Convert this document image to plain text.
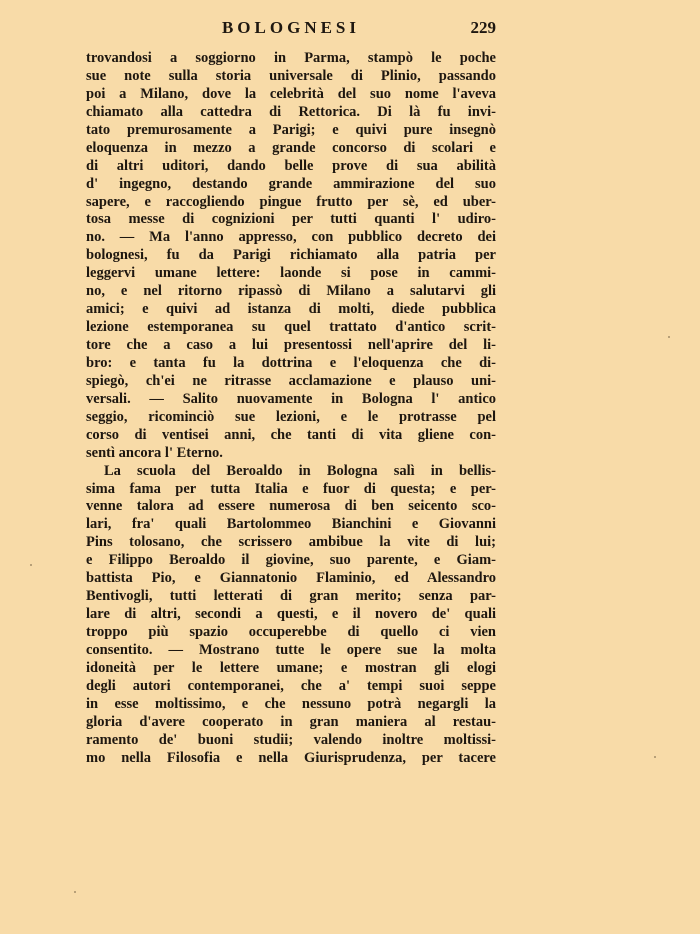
BOLOGNESI	229
trovandosi a soggiorno in Parma, stampò le poche
sue note sulla storia universale di Plinio, passando
poi a Milano, dove la celebrità del suo nome l'aveva
chiamato alla cattedra di Rettorica. Di là fu invi-
tato premurosamente a Parigi; e quivi pure insegnò
eloquenza in mezzo a grande concorso di scolari e
di altri uditori, dando belle prove di sua abilità
d' ingegno, destando grande ammirazione del suo
sapere, e raccogliendo pingue frutto per sè, ed uber-
tosa messe di cognizioni per tutti quanti l' udiro-
no. — Ma l'anno appresso, con pubblico decreto dei
bolognesi, fu da Parigi richiamato alla patria per
leggervi umane lettere: laonde si pose in cammi-
no, e nel ritorno ripassò di Milano a salutarvi gli
amici; e quivi ad istanza di molti, diede pubblica
lezione estemporanea su quel trattato d'antico scrit-
tore che a caso a lui presentossi nell'aprire del li-
bro: e tanta fu la dottrina e l'eloquenza che di-
spiegò, ch'ei ne ritrasse acclamazione e plauso uni-
versali. — Salito nuovamente in Bologna l' antico
seggio, ricominciò sue lezioni, e le protrasse pel
corso di ventisei anni, che tanti di vita gliene con-
sentì ancora l' Eterno.
La scuola del Beroaldo in Bologna salì in bellis-
sima fama per tutta Italia e fuor di questa; e per-
venne talora ad essere numerosa di ben seicento sco-
lari, fra' quali Bartolommeo Bianchini e Giovanni
Pins tolosano, che scrissero ambibue la vite di lui;
e Filippo Beroaldo il giovine, suo parente, e Giam-
battista Pio, e Giannatonio Flaminio, ed Alessandro
Bentivogli, tutti letterati di gran merito; senza par-
lare di altri, secondi a questi, e il novero de' quali
troppo più spazio occuperebbe di quello ci vien
consentito. — Mostrano tutte le opere sue la molta
idoneità per le lettere umane; e mostran gli elogi
degli autori contemporanei, che a' tempi suoi seppe
in esse moltissimo, e che nessuno potrà negargli la
gloria d'avere cooperato in gran maniera al restau-
ramento de' buoni studii; valendo inoltre moltissi-
mo nella Filosofia e nella Giurisprudenza, per tacere
